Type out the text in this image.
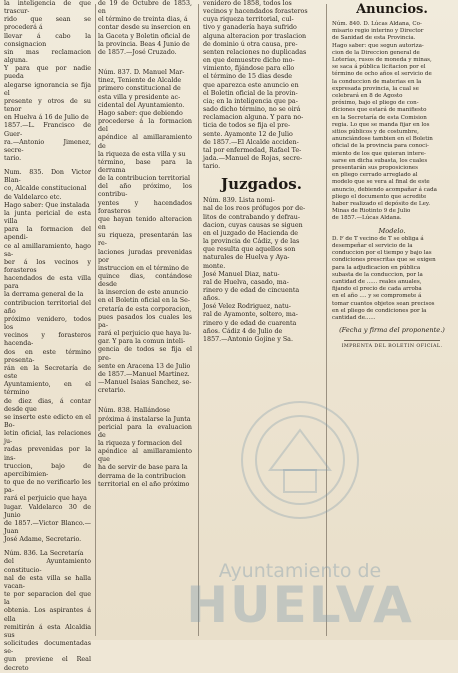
la inteligencia de que trascur-

rido que sean se procederá á

llevar á cabo la consignacion

sin mas reclamacion alguna.

Y para que por nadie pueda

alegarse ignorancia se fija el

presente y otros de su tenor

en Huelva á 16 de Julio de

1857.—L. Francisco de Guer-

ra.—Antonio Jimenez, secre-

tario.

Num. 835. Don Victor Blan-

co, Alcalde constitucional

de Valdelarco etc.

Hago saber: Que instalada

la junta pericial de esta villa

para la formacion del apendi-

ce al amillaramiento, hago sa-

ber á los vecinos y forasteros

hacendados de esta villa para

la derrama general de la

contribucion territorial del año

próximo venidero, todos los

vecinos y forasteros hacenda-

dos en este término presenta-

rán en la Secretaría de este

Ayuntamiento, en el término

de diez dias, á contar desde que

se inserte este edicto en el Bo-

letin oficial, las relaciones ju-

radas prevenidas por la ins-

truccion, bajo de apercibimien-

to que de no verificarlo les pa-

rará el perjuicio que haya

lugar. Valdelarco 30 de Junio

de 1857.—Victor Blanco.—Juan

José Adame, Secretario.

Núm. 836. La Secretaría

del Ayuntamiento constitucio-

nal de esta villa se halla vacan-

te por separacion del que la

obtenia. Los aspirantes á ella

remitirán á esta Alcaldia sus

solicitudes documentadas se-

gun previene el Real decreto

de 19 de Octubre de 1853, en

el término de treinta dias, á

contar desde su insercion en

la Gaceta y Boletin oficial de

la provincia. Beas 4 Junio de

de 1857.—José Cruzado.

Núm. 837. D. Manuel Mar-

tinez, Teniente de Alcalde

primero constitucional de

esta villa y presidente ac-

cidental del Ayuntamiento.

Hago saber: que debiendo

procederse á la formacion del

apéndice al amillaramiento de

la riqueza de esta villa y su

término, base para la derrama

de la contribucion territorial

del año próximo, los contribu-

yentes y hacendados forasteros

que hayan tenido alteracion en

su riqueza, presentarán las re-

laciones juradas prevenidas por

instruccion en el término de

quince dias, contándose desde

la insercion de este anuncio

en el Boletin oficial en la Se-

cretaría de esta corporacion,

pues pasados los cuales les pa-

rará el perjuicio que haya lu-

gar. Y para la comun inteli-

gencia de todos se fija el pre-

sente en Aracena 13 de Julio

de 1857.—Manuel Martinez.

—Manuel Isaias Sanchez, se-

cretario.

Núm. 838. Hallándose

próxima á instalarse la Junta

pericial para la evaluacion de

la riqueza y formacion del

apéndice al amillaramiento que

ha de servir de base para la

derrama de la contribucion

territorial en el año próximo

venidero de 1858, todos los

vecinos y hacendados forasteros

cuya riqueza territorial, cul-

tivo y ganadería haya sufrido

alguna alteracion por traslacion

de dominio ú otra causa, pre-

senten relaciones no duplicadas

en que demuestre dicho mo-

vimiento, fijándose para ello

el término de 15 dias desde

que aparezca este anuncio en

el Boletin oficial de la provin-

cia; en la inteligencia que pa-

sado dicho término, no se oirá

reclamacion alguna. Y para no-

ticia de todos se fija el pre-

sente. Ayamonte 12 de Julio

de 1857.—El Alcalde acciden-

tal por enfermedad, Rafael Te-

jada.—Manuel de Rojas, secre-

tario.

Juzgados.

Núm. 839. Lista nomi-

nal de los reos prófugos por de-

litos de contrabando y defrau-

dacion, cuyas causas se siguen

en el juzgado de Hacienda de

la provincia de Cádiz, y de las

que resulta que aquellos son

naturales de Huelva y Aya-

monte.

José Manuel Diaz, natu-

ral de Huelva, casado, ma-

rinero y de edad de cincuenta

años.

José Velez Rodriguez, natu-

ral de Ayamonte, soltero, ma-

rinero y de edad de cuarenta

años. Cádiz 4 de Julio de

1857.—Antonio Gojine y Sa.

Anuncios.

Núm. 840. D. Lúcas Aldana, Co-

misario regio interino y Director

de Sanidad de esta Provincia.

Hago saber: que segun autoriza-

cion de la Direccion general de

Loterías, rusos de moneda y minas,

se saca á pública licitacion por el

término de ocho años el servicio de

la conduccion de materias en la

expresada provincia, la cual se

celebrará en 8 de Agosto

próximo, bajo el pliego de con-

diciones que estará de manifiesto

en la Secretaría de esta Comision

regia. Lo que se manda fijar en los

sitios públicos y de costumbre,

anunciándose tambien en el Boletin

oficial de la provincia para conoci-

miento de los que quieran intere-

sarse en dicha subasta, los cuales

presentarán sus proposiciones

en pliego cerrado arreglado al

modelo que se vera al final de este

anuncio, debiendo acompañar á cada

pliego el documento que acredite

haber realizado el depósito de Ley.

Minas de Riotinto 9 de Julio

de 1857.—Lúcas Aldana.

Modelo.

D. F de T vecino de T se obliga á

desempeñar el servicio de la

conduccion por el tiempo y bajo las

condiciones prescritas que se exigen

para la adjudicacion en pública

subasta de la conduccion, por la

cantidad de ...... reales anuales,

fijando el precio de cada arroba

en el año .... y se compromete á

tomar cuantos objetos sean precisos

en el pliego de condiciones por la

cantidad de......

(Fecha y firma del proponente.)
IMPRENTA DEL BOLETIN OFICIAL.
Ayuntamiento de
HUELVA
